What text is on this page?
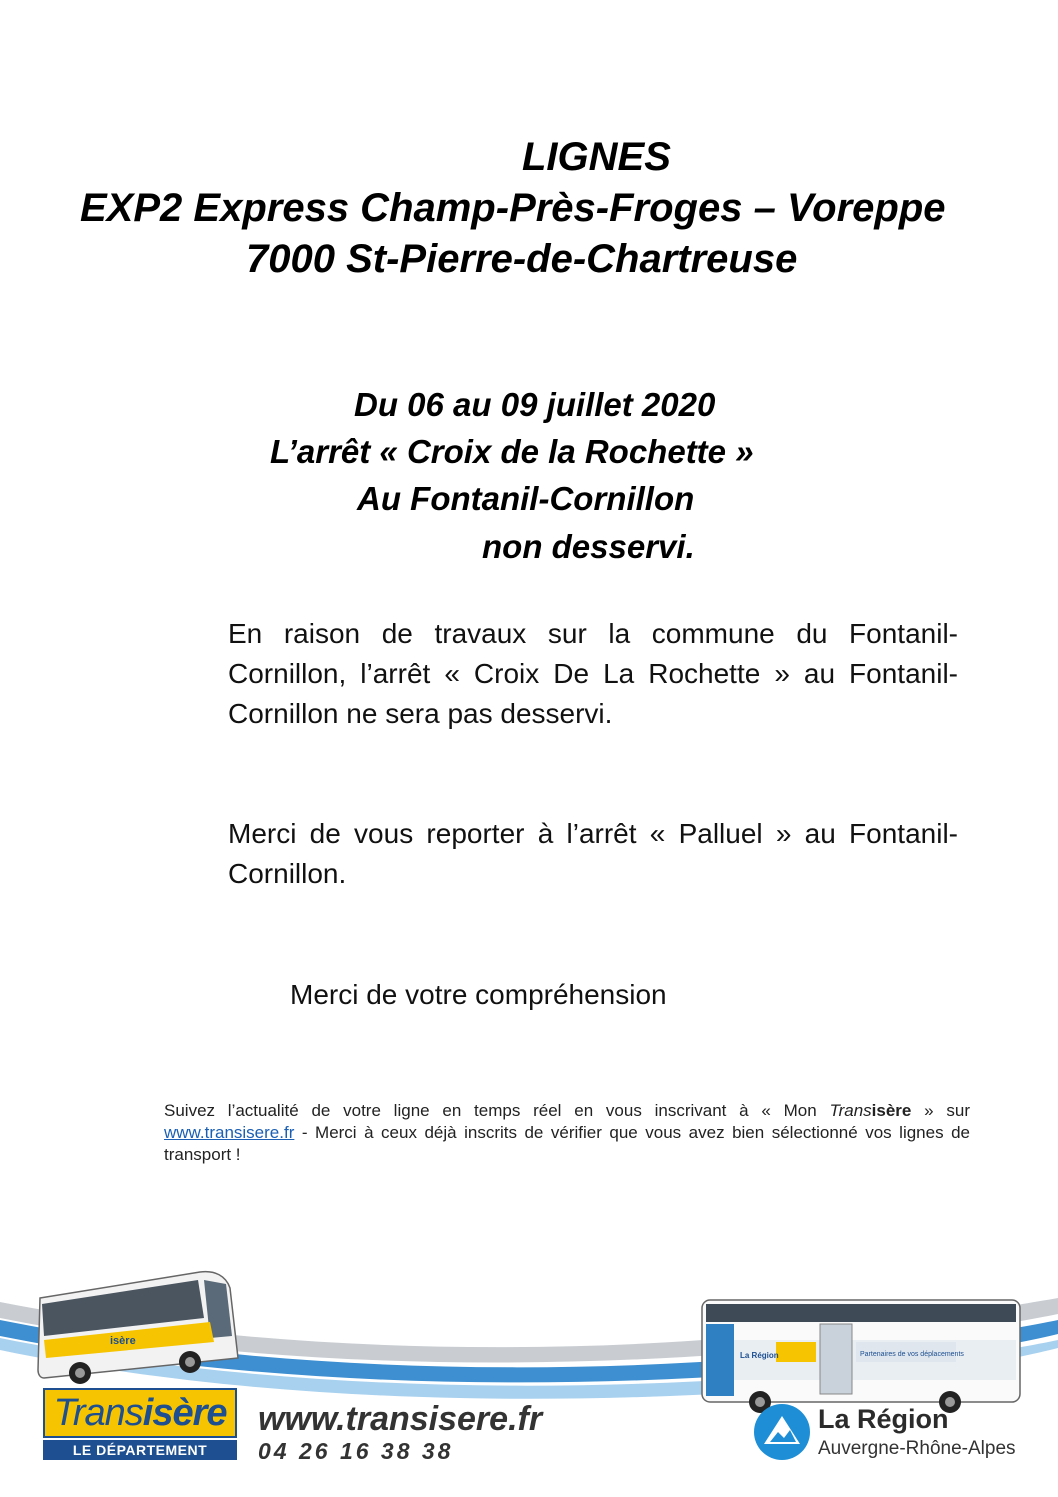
LIGNES
EXP2 Express Champ-Près-Froges – Voreppe
7000 St-Pierre-de-Chartreuse
Du 06 au 09 juillet 2020
L’arrêt « Croix de la Rochette »
Au Fontanil-Cornillon
non desservi.

En raison de travaux sur la commune du Fontanil-Cornillon, l’arrêt « Croix De La Rochette » au Fontanil-Cornillon ne sera pas desservi.

Merci de vous reporter à l’arrêt « Palluel » au Fontanil-Cornillon.

Merci de votre compréhension

Suivez l’actualité de votre ligne en temps réel en vous inscrivant à « Mon Transisère » sur www.transisere.fr - Merci à ceux déjà inscrits de vérifier que vous avez bien sélectionné vos lignes de transport !

isère
La Région	Partenaires de vos déplacements
Transisère
LE DÉPARTEMENT
www.transisere.fr
04 26 16 38 38
La Région
Auvergne-Rhône-Alpes
